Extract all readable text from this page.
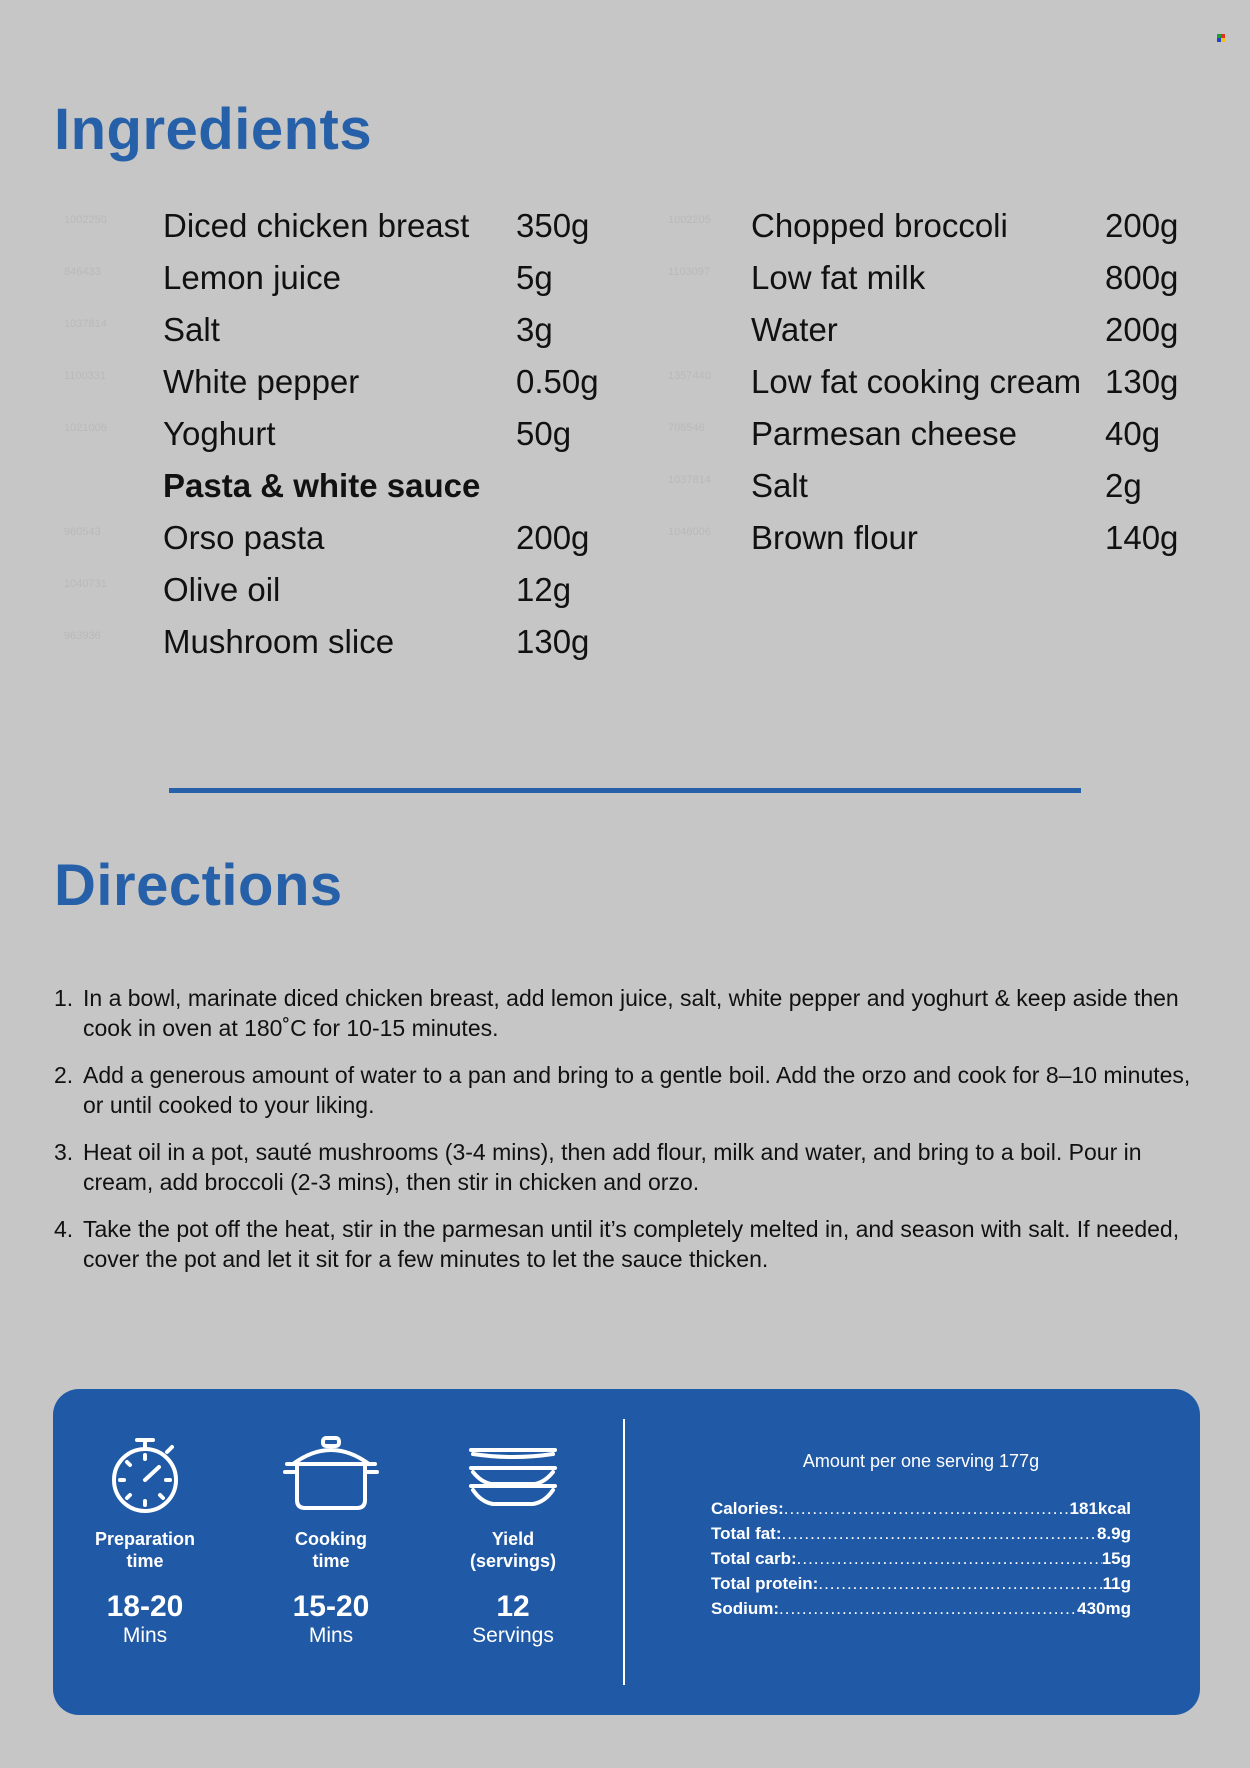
Ingredients
1002250 Diced chicken breast 350g
846433 Lemon juice	5g
1037814 Salt	3g
1100331 White pepper	0.50g
1021006 Yoghurt	50g
Pasta & white sauce
960543 Orso pasta	200g
1040731 Olive oil	12g
963936 Mushroom slice	130g
1002205 Chopped broccoli	200g
1103097 Low fat milk	800g
Water	200g
1357440 Low fat cooking cream 130g
706546 Parmesan cheese	40g
1037814 Salt	2g
1046006 Brown flour	140g
Directions
1. In a bowl, marinate diced chicken breast, add lemon juice, salt, white pepper and yoghurt & keep aside then cook in oven at 180˚C for 10-15 minutes.
2. Add a generous amount of water to a pan and bring to a gentle boil. Add the orzo and cook for 8–10 minutes, or until cooked to your liking.
3. Heat oil in a pot, sauté mushrooms (3-4 mins), then add flour, milk and water, and bring to a boil. Pour in cream, add broccoli (2-3 mins), then stir in chicken and orzo.
4. Take the pot off the heat, stir in the parmesan until it’s completely melted in, and season with salt. If needed, cover the pot and let it sit for a few minutes to let the sauce thicken.
Preparation
time
18-20
Mins
Cooking
time
15-20
Mins
Yield
(servings)
12
Servings
Amount per one serving 177g
Calories: .....	181kcal
Total fat: .....	8.9g
Total carb: .....	15g
Total protein: .....	11g
Sodium: .....	430mg
